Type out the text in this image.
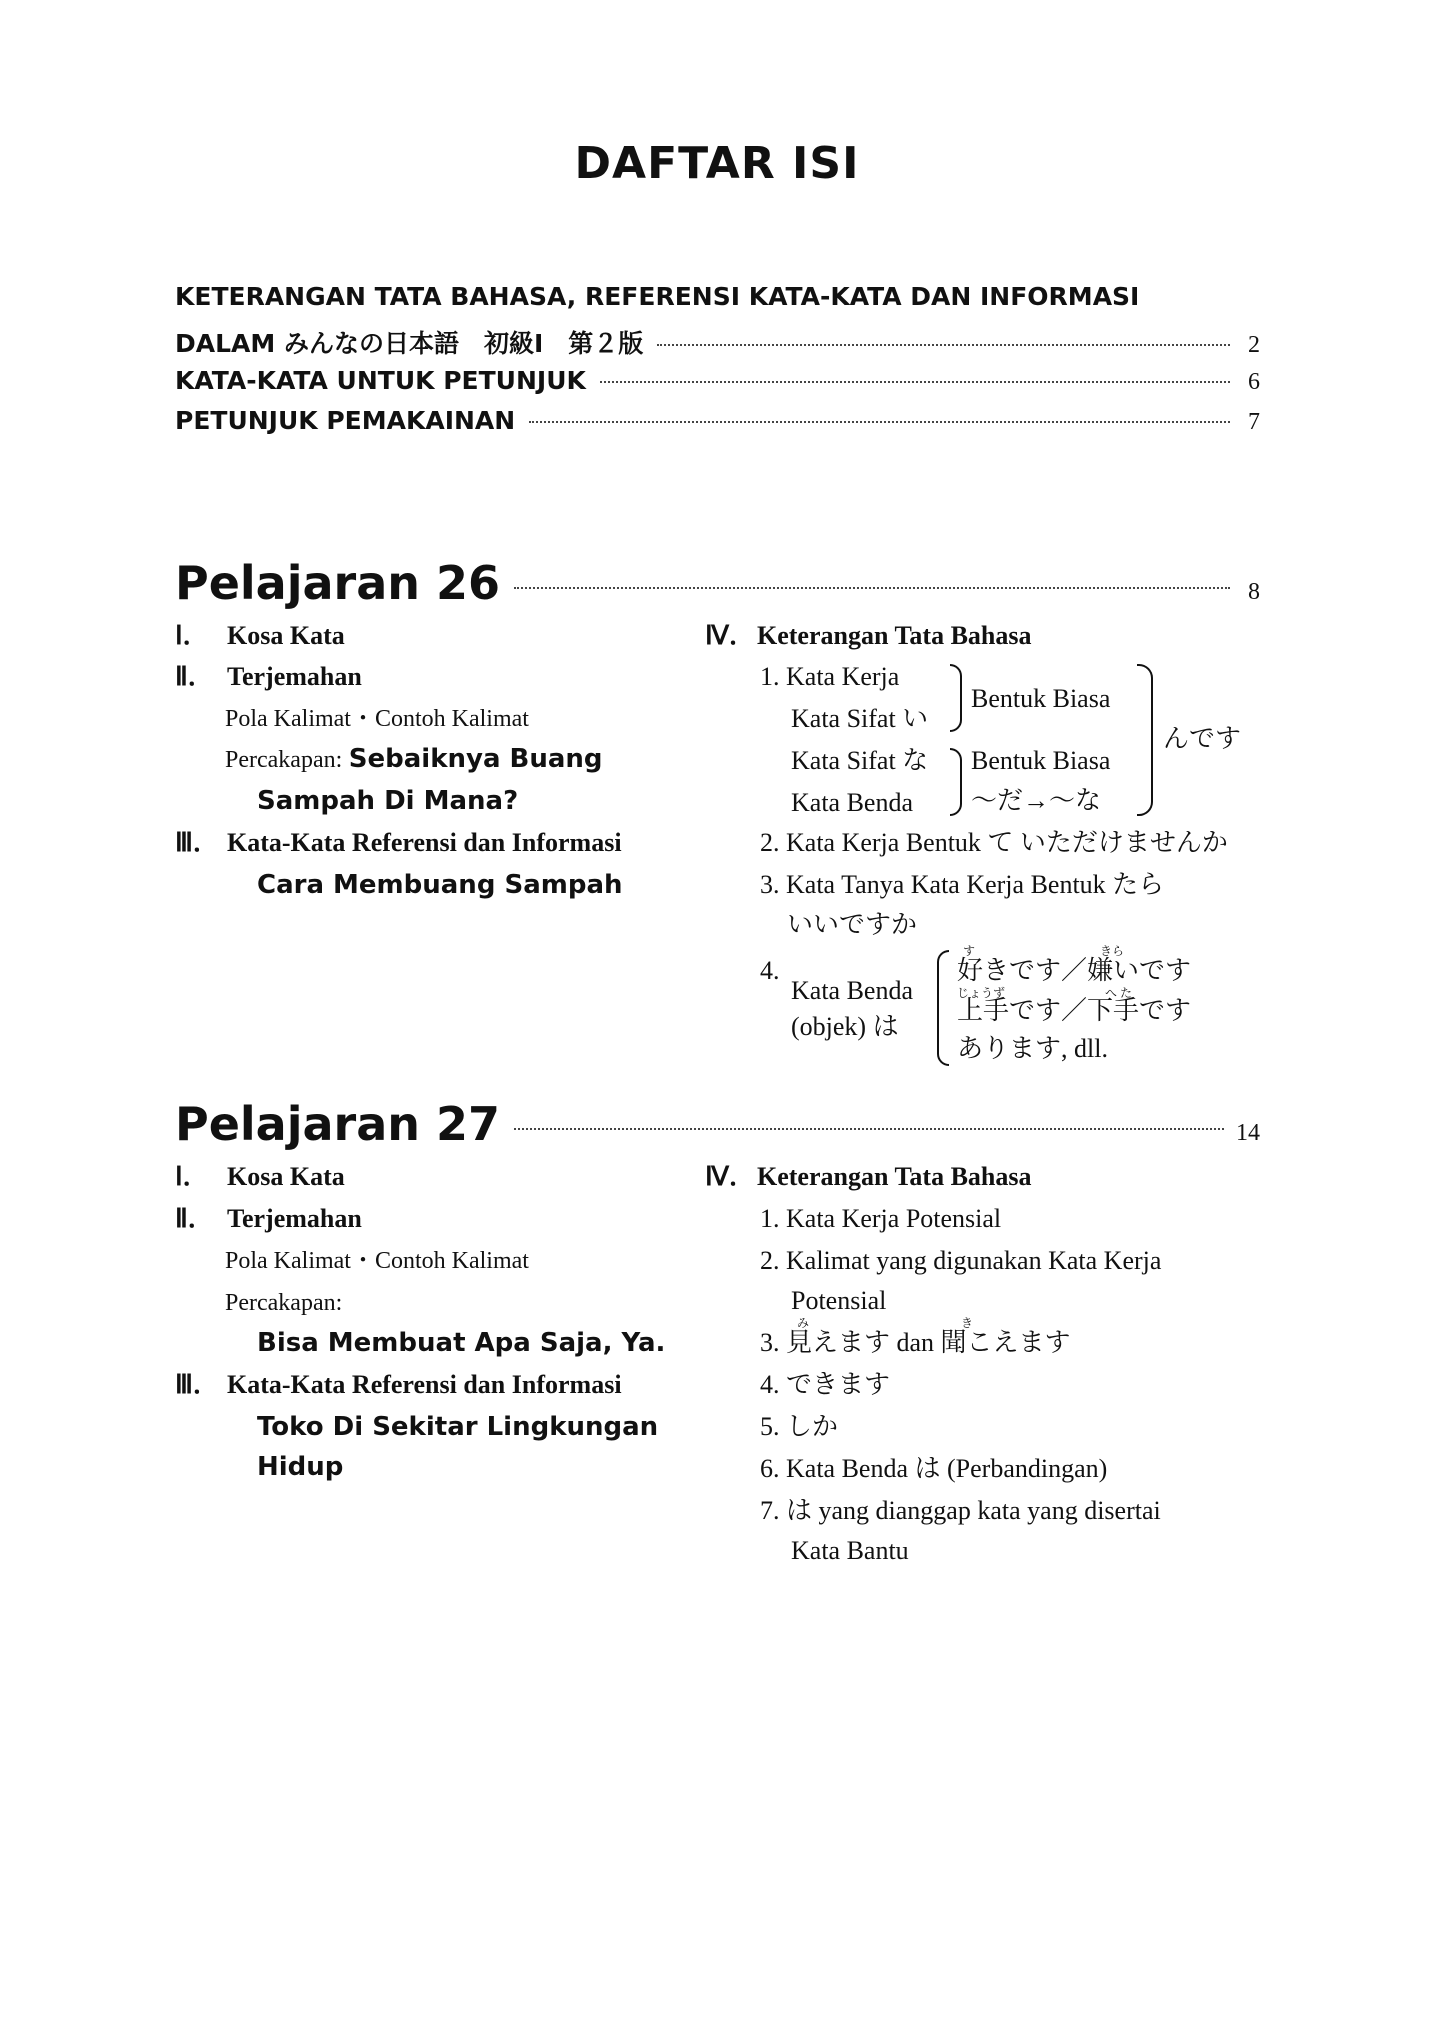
DAFTAR ISI
KETERANGAN TATA BAHASA, REFERENSI KATA-KATA DAN INFORMASI
DALAM みんなの日本語　初級Ⅰ　第２版	2
KATA-KATA UNTUK PETUNJUK	6
PETUNJUK PEMAKAINAN	7
Pelajaran 26	8
Ⅰ． Kosa Kata
Ⅱ． Terjemahan
Pola Kalimat・Contoh Kalimat
Percakapan: Sebaiknya Buang
Sampah Di Mana?
Ⅲ． Kata-Kata Referensi dan Informasi
Cara Membuang Sampah
Ⅳ．Keterangan Tata Bahasa
1. Kata Kerja
Kata Sifat い
Kata Sifat な
Kata Benda
Bentuk Biasa
Bentuk Biasa
～だ→～な
んです
2. Kata Kerja Bentuk て いただけませんか
3. Kata Tanya Kata Kerja Bentuk たら
いいですか
4.
Kata Benda
(objek) は
す	きら
好きです／嫌いです
じょうず	へ た
上手です／下手です
あります, dll.
Pelajaran 27	14
Ⅰ． Kosa Kata
Ⅱ． Terjemahan
Pola Kalimat・Contoh Kalimat
Percakapan:
Bisa Membuat Apa Saja, Ya.
Ⅲ． Kata-Kata Referensi dan Informasi
Toko Di Sekitar Lingkungan
Hidup
Ⅳ．Keterangan Tata Bahasa
1. Kata Kerja Potensial
2. Kalimat yang digunakan Kata Kerja
Potensial
み	き
3. 見えます dan 聞こえます
4. できます
5. しか
6. Kata Benda は (Perbandingan)
7. は yang dianggap kata yang disertai
Kata Bantu
